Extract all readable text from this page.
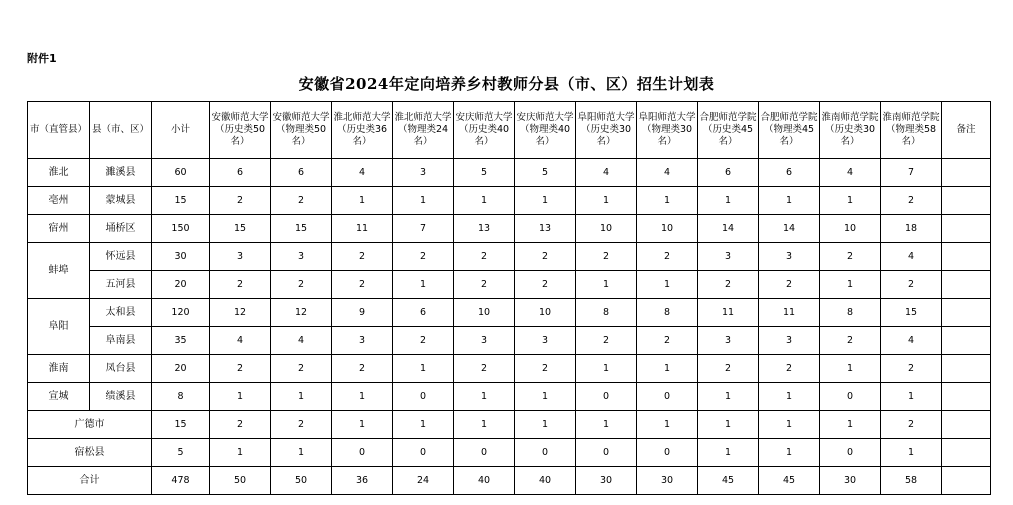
附件1
安徽省2024年定向培养乡村教师分县（市、区）招生计划表
市（直管县）	县（市、区）	小计	安徽师范大学（历史类50名）	安徽师范大学（物理类50名）	淮北师范大学（历史类36名）	淮北师范大学（物理类24名）	安庆师范大学（历史类40名）	安庆师范大学（物理类40名）	阜阳师范大学（历史类30名）	阜阳师范大学（物理类30名）	合肥师范学院（历史类45名）	合肥师范学院（物理类45名）	淮南师范学院（历史类30名）	淮南师范学院（物理类58名）	备注
淮北	濉溪县	60	6	6	4	3	5	5	4	4	6	6	4	7	
亳州	蒙城县	15	2	2	1	1	1	1	1	1	1	1	1	2	
宿州	埇桥区	150	15	15	11	7	13	13	10	10	14	14	10	18	
蚌埠	怀远县	30	3	3	2	2	2	2	2	2	3	3	2	4	
	五河县	20	2	2	2	1	2	2	1	1	2	2	1	2	
阜阳	太和县	120	12	12	9	6	10	10	8	8	11	11	8	15	
	阜南县	35	4	4	3	2	3	3	2	2	3	3	2	4	
淮南	凤台县	20	2	2	2	1	2	2	1	1	2	2	1	2	
宣城	绩溪县	8	1	1	1	0	1	1	0	0	1	1	0	1	
广德市		15	2	2	1	1	1	1	1	1	1	1	1	2	
宿松县		5	1	1	0	0	0	0	0	0	1	1	0	1	
合计		478	50	50	36	24	40	40	30	30	45	45	30	58	
